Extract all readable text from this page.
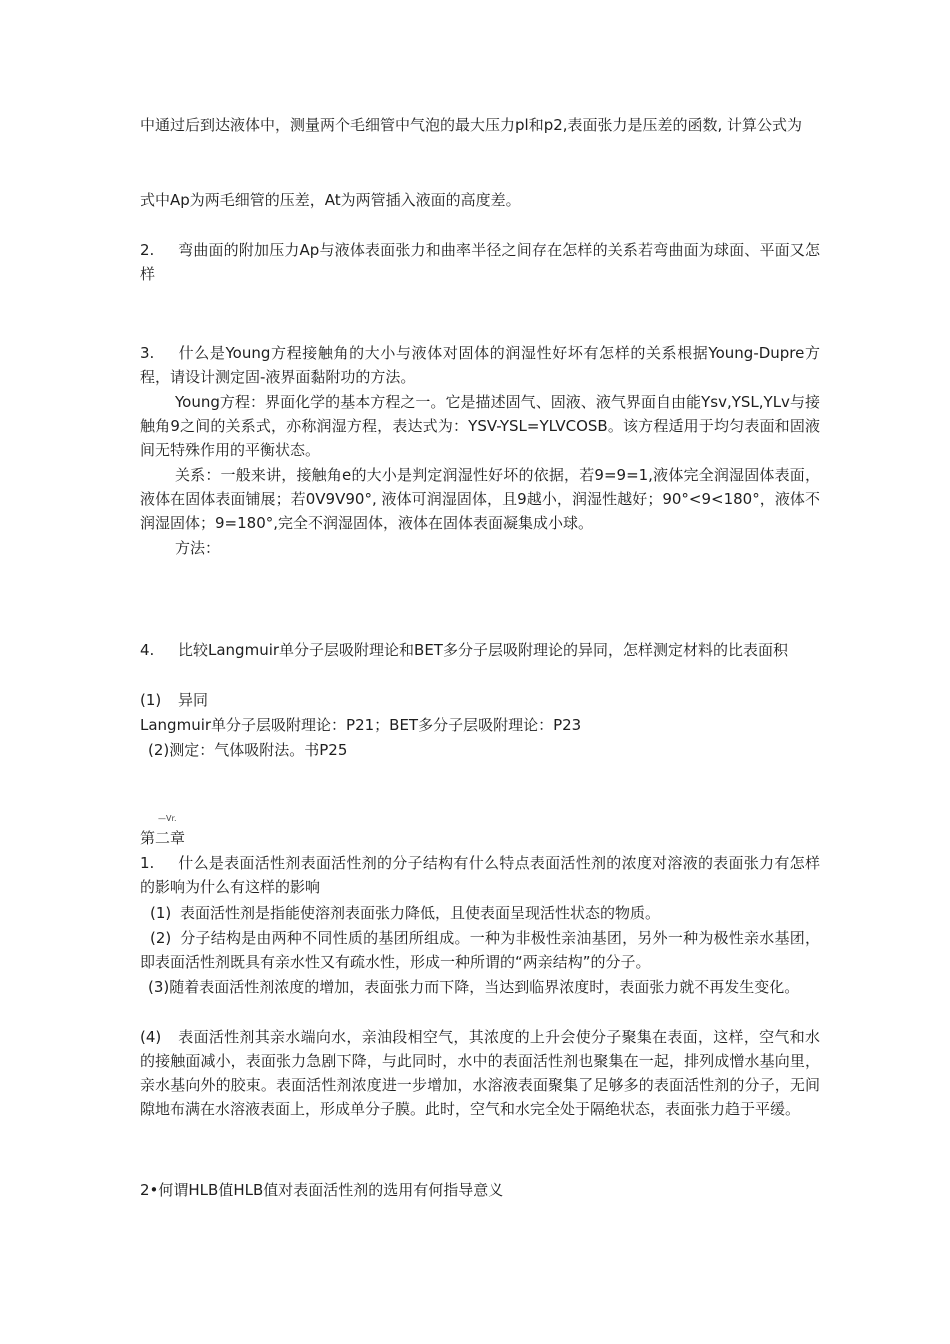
中通过后到达液体中，测量两个毛细管中气泡的最大压力pl和p2,表面张力是压差的函数, 计算公式为

式中Ap为两毛细管的压差，At为两管插入液面的高度差。

2. 弯曲面的附加压力Ap与液体表面张力和曲率半径之间存在怎样的关系若弯曲面为球面、平面又怎样

3. 什么是Young方程接触角的大小与液体对固体的润湿性好坏有怎样的关系根据Young-Dupre方程，请设计测定固-液界面黏附功的方法。

Young方程：界面化学的基本方程之一。它是描述固气、固液、液气界面自由能Ysv,YSL,YLv与接触角9之间的关系式，亦称润湿方程，表达式为：YSV-YSL=YLVCOSB。该方程适用于均匀表面和固液间无特殊作用的平衡状态。

关系：一般来讲，接触角e的大小是判定润湿性好坏的依据，若9=9=1,液体完全润湿固体表面，液体在固体表面铺展；若0V9V90°, 液体可润湿固体，且9越小，润湿性越好；90°<9<180°，液体不润湿固体；9=180°,完全不润湿固体，液体在固体表面凝集成小球。

方法：

4. 比较Langmuir单分子层吸附理论和BET多分子层吸附理论的异同，怎样测定材料的比表面积

(1) 异同

Langmuir单分子层吸附理论：P21；BET多分子层吸附理论：P23

(2)测定：气体吸附法。书P25

—Vr.

第二章

1. 什么是表面活性剂表面活性剂的分子结构有什么特点表面活性剂的浓度对溶液的表面张力有怎样的影响为什么有这样的影响

(1) 表面活性剂是指能使溶剂表面张力降低，且使表面呈现活性状态的物质。

(2) 分子结构是由两种不同性质的基团所组成。一种为非极性亲油基团，另外一种为极性亲水基团，即表面活性剂既具有亲水性又有疏水性，形成一种所谓的“两亲结构”的分子。

(3)随着表面活性剂浓度的增加，表面张力而下降，当达到临界浓度时，表面张力就不再发生变化。

(4) 表面活性剂其亲水端向水，亲油段相空气，其浓度的上升会使分子聚集在表面，这样，空气和水的接触面减小，表面张力急剧下降，与此同时，水中的表面活性剂也聚集在一起，排列成憎水基向里，亲水基向外的胶束。表面活性剂浓度进一步增加，水溶液表面聚集了足够多的表面活性剂的分子，无间隙地布满在水溶液表面上，形成单分子膜。此时，空气和水完全处于隔绝状态，表面张力趋于平缓。

2•何谓HLB值HLB值对表面活性剂的选用有何指导意义
